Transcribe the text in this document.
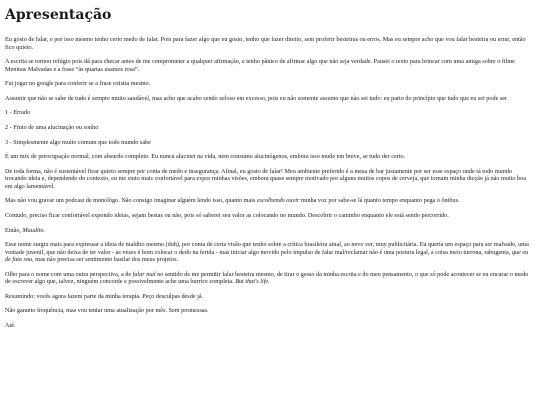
Apresentação

Eu gosto de falar, e por isso mesmo tenho certo medo de falar. Pois para fazer algo que eu gosto, tenho que fazer direito, sem proferir besteiras ou erros. Mas eu sempre acho que vou falar besteira ou errar, então fico quieto.

A escrita se tornou refúgio pois dá para checar antes de me comprometer a qualquer afirmação, e tenho pânico de afirmar algo que não seja verdade. Pausei o texto para brincar com uma amiga sobre o filme Meninas Malvadas e a frase “às quartas usamos rosa”.

Fui jogar no google para conferir se a frase existia mesmo.

Assumir que não se sabe de tudo é sempre muito saudável, mas acho que acabo sendo zeloso em excesso, pois eu não somente assumo que não sei tudo: eu parto do princípio que tudo que eu sei pode ser

1 - Errado

2 - Fruto de uma alucinação ou sonho

3 - Simplesmente algo muito comum que todo mundo sabe

É um mix de preocupação normal, com absurdo completo. Eu nunca alucinei na vida, nem consumo alucinógenos, embora isso mude em breve, se tudo der certo.

De toda forma, não é sustentável ficar quieto sempre por conta de medo e insegurança. Afinal, eu gosto de falar! Meu ambiente preferido é a mesa de bar justamente por ser esse espaço onde tá todo mundo trocando ideia e, dependendo do contexto, eu me sinto mais confortável para expor minhas visões, embora quase sempre motivado por alguns muitos copos de cerveja, que tornam minha dicção já não muito boa em algo lamentável.

Mas não vou gravar um podcast de monológo. Não consigo imaginar alguém lendo isso, quanto mais escolhendo ouvir minha voz por sabe-se lá quanto tempo enquanto pega o ônibus.

Contudo, preciso ficar confortável expondo ideias, sejam bestas ou não, pois só saberei seu valor as colocando no mundo. Descobrir o caminho enquanto ele está sendo percorrido.

Então, Maudito.

Esse nome surgiu mais para expressar a ideia de maldito mesmo (duh), por conta de certa visão que tenho sobre a crítica brasileira atual, ao nevo ver, muy publicitária. Eu queria um espaço para ser malvado, uma vontade juvenil, que não deixa de ter valor - as vezes é bom colocar o dedo na ferida - mas iniciar algo movido pelo impulso de falar mal/reclamar não é uma postura legal, a coisa meio turrona, rabugenta, que eu de fato sou, mas não precisa ser sentimento basilar dos meus projetos.

Olho para o nome com uma outra perspectiva, a de falar mal no sentido de me permitir falar besteira mesmo, de tirar o gesso da minha escrita e do meu pensamento, o que só pode acontecer se eu encarar o medo de escrever algo que, talvez, ninguém concorde e possivelmente ache uma burrice completa. But that's life.

Resumindo: vocês agora fazem parte da minha terapia. Peço desculpas desde já.

Não garanto frequência, mas vou tentar uma atualização por mês. Sem promessas.

Até.
